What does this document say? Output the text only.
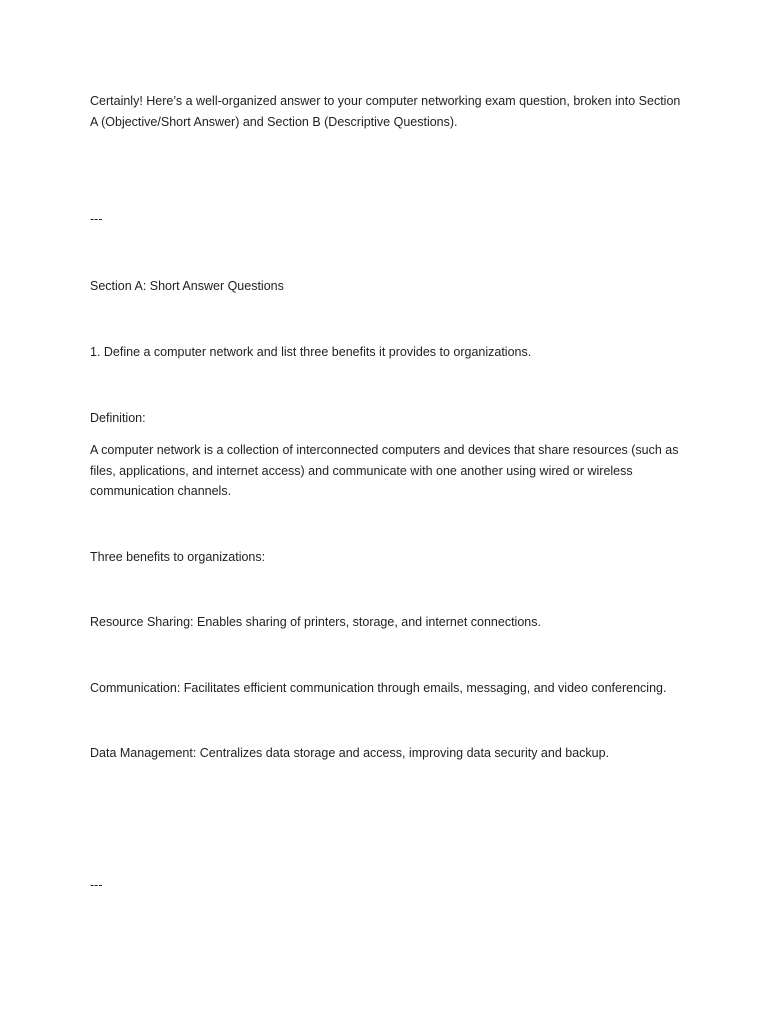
Certainly! Here’s a well-organized answer to your computer networking exam question, broken into Section A (Objective/Short Answer) and Section B (Descriptive Questions).

---

Section A: Short Answer Questions

1. Define a computer network and list three benefits it provides to organizations.

Definition:

A computer network is a collection of interconnected computers and devices that share resources (such as files, applications, and internet access) and communicate with one another using wired or wireless communication channels.

Three benefits to organizations:

Resource Sharing: Enables sharing of printers, storage, and internet connections.

Communication: Facilitates efficient communication through emails, messaging, and video conferencing.

Data Management: Centralizes data storage and access, improving data security and backup.

---
